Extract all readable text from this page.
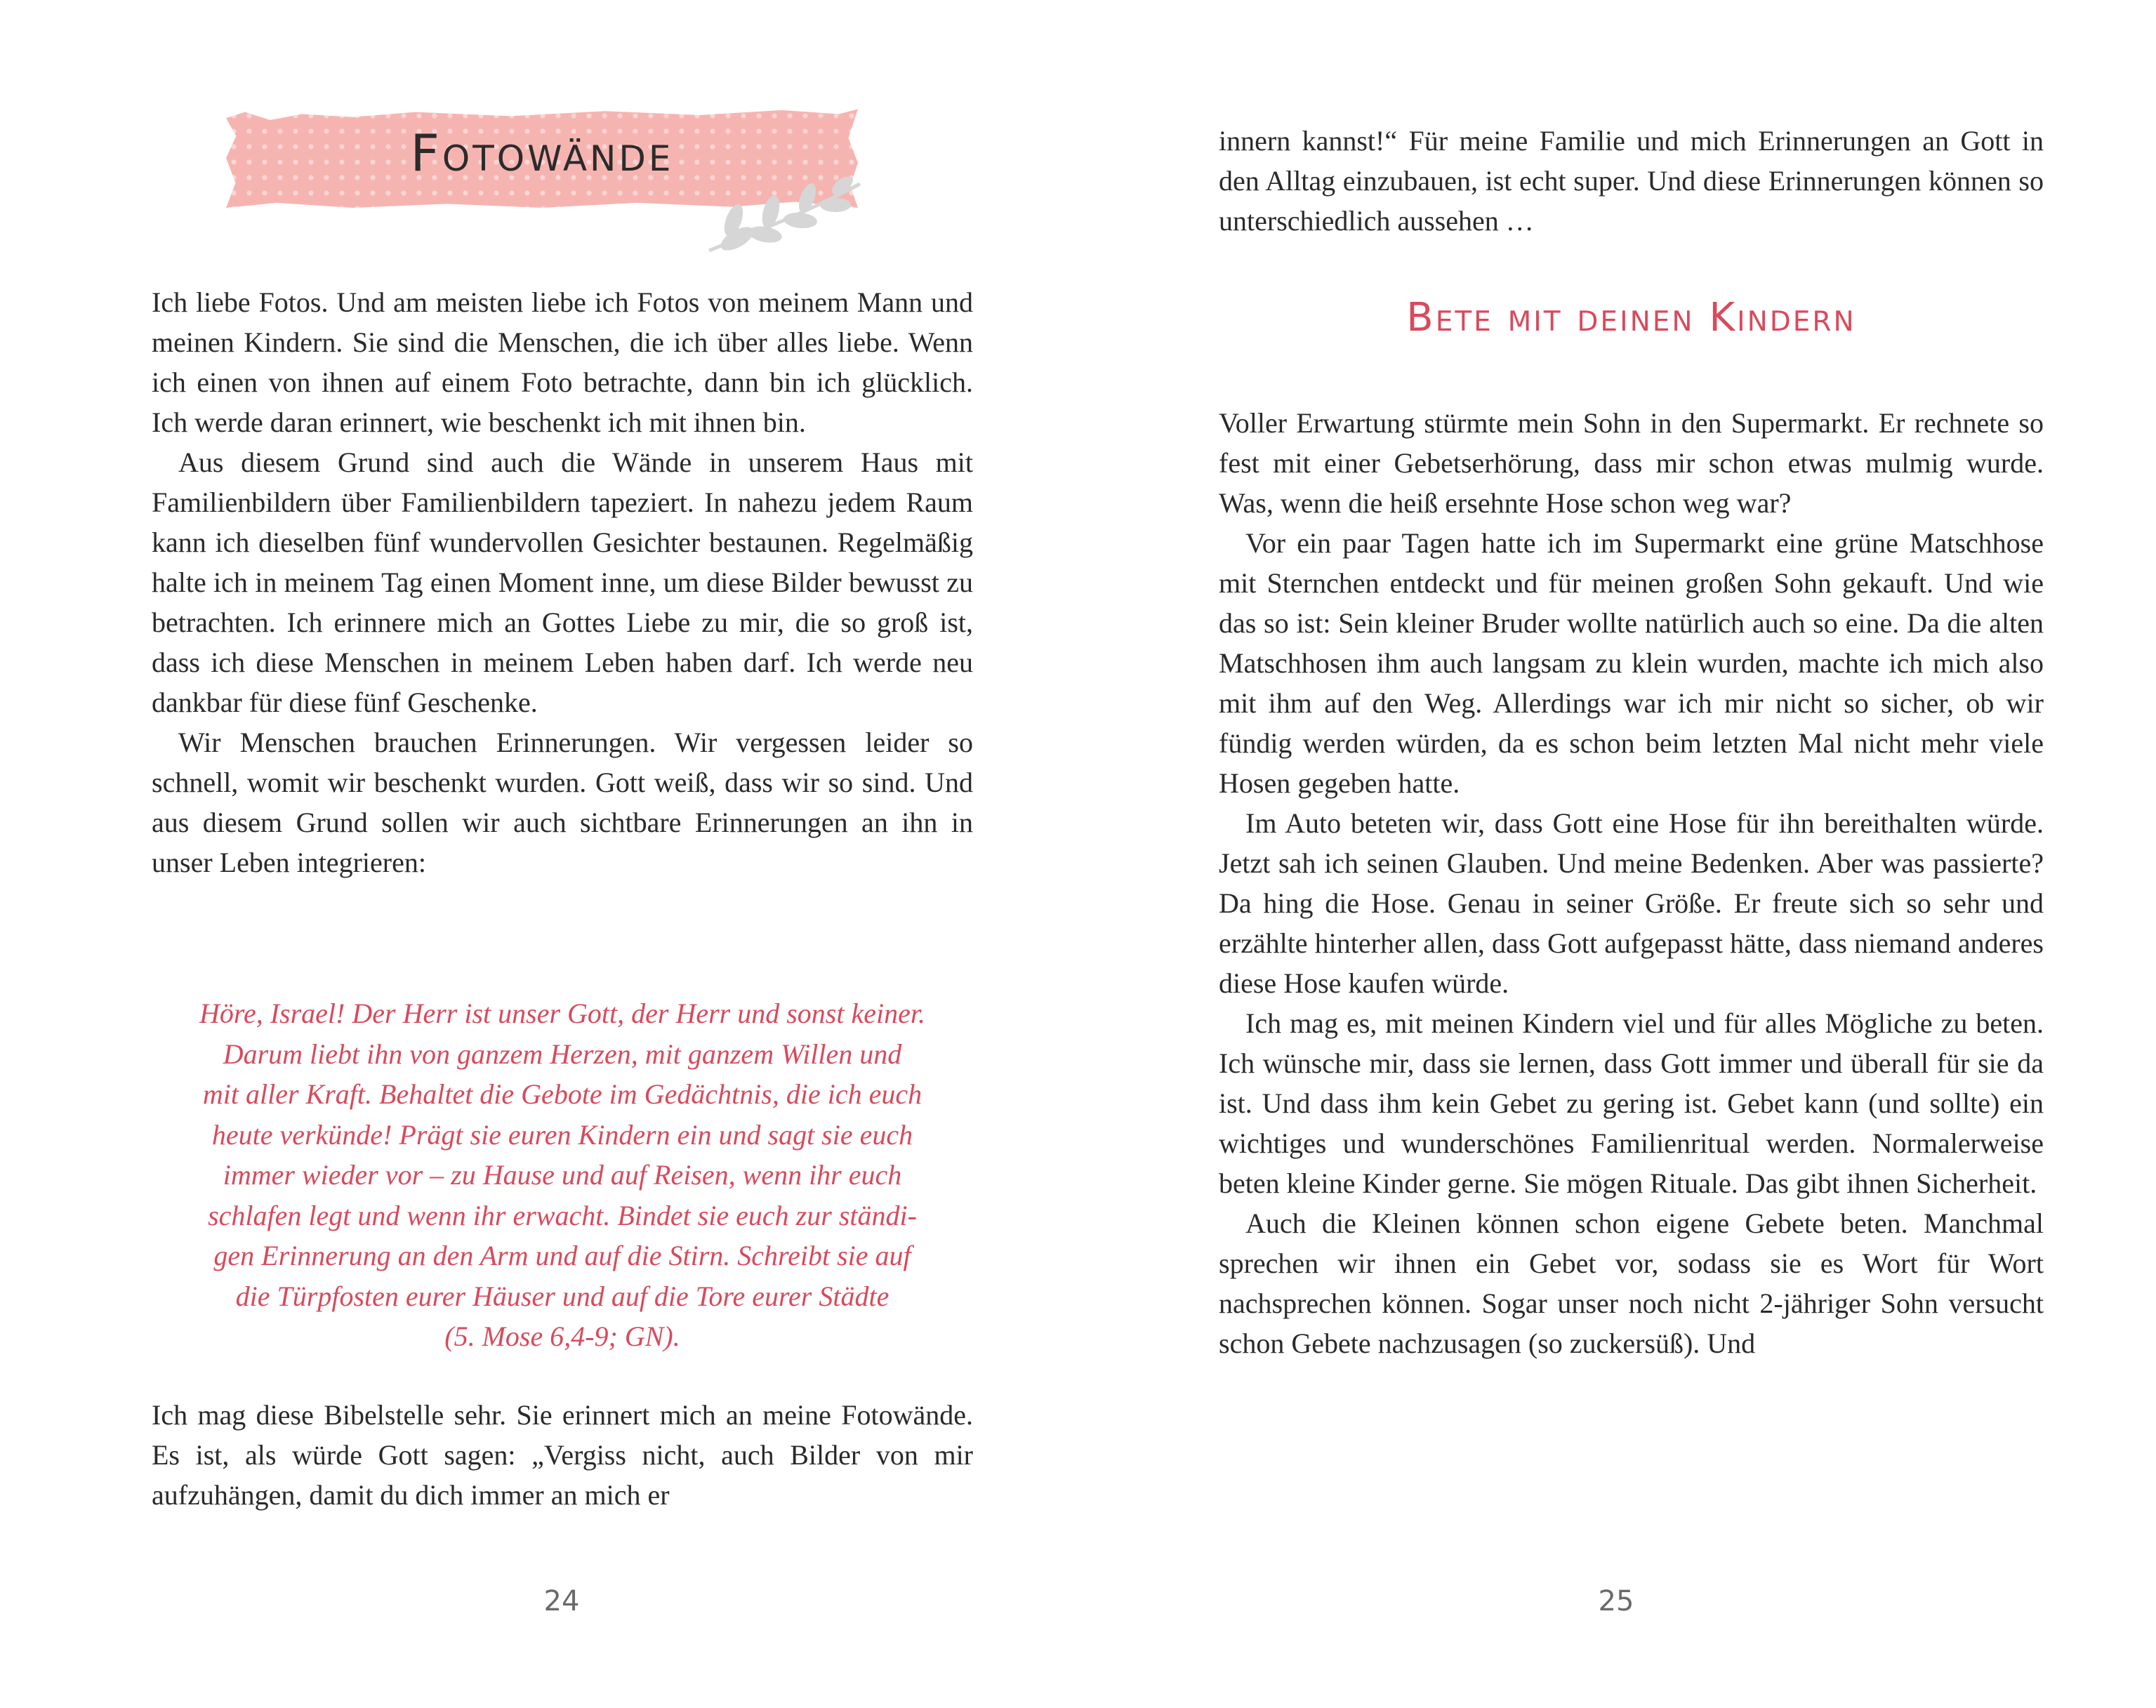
Fotowände

Ich liebe Fotos. Und am meisten liebe ich Fotos von meinem Mann und meinen Kindern. Sie sind die Menschen, die ich über alles liebe. Wenn ich einen von ihnen auf einem Foto betrachte, dann bin ich glücklich. Ich werde daran erinnert, wie beschenkt ich mit ihnen bin.

Aus diesem Grund sind auch die Wände in unserem Haus mit Familienbildern über Familienbildern tapeziert. In nahezu jedem Raum kann ich dieselben fünf wundervollen Gesichter bestaunen. Regelmäßig halte ich in meinem Tag einen Moment inne, um diese Bilder bewusst zu betrachten. Ich erinnere mich an Gottes Liebe zu mir, die so groß ist, dass ich diese Menschen in meinem Leben haben darf. Ich werde neu dankbar für diese fünf Geschenke.

Wir Menschen brauchen Erinnerungen. Wir vergessen leider so schnell, womit wir beschenkt wurden. Gott weiß, dass wir so sind. Und aus diesem Grund sollen wir auch sichtbare Erinnerungen an ihn in unser Leben integrieren:

Höre, Israel! Der Herr ist unser Gott, der Herr und sonst keiner.
Darum liebt ihn von ganzem Herzen, mit ganzem Willen und
mit aller Kraft. Behaltet die Gebote im Gedächtnis, die ich euch
heute verkünde! Prägt sie euren Kindern ein und sagt sie euch
immer wieder vor – zu Hause und auf Reisen, wenn ihr euch
schlafen legt und wenn ihr erwacht. Bindet sie euch zur ständi-
gen Erinnerung an den Arm und auf die Stirn. Schreibt sie auf
die Türpfosten eurer Häuser und auf die Tore eurer Städte
(5. Mose 6,4-9; GN).

Ich mag diese Bibelstelle sehr. Sie erinnert mich an meine Fotowände. Es ist, als würde Gott sagen: „Vergiss nicht, auch Bilder von mir aufzuhängen, damit du dich immer an mich er

24

innern kannst!“ Für meine Familie und mich Erinnerungen an Gott in den Alltag einzubauen, ist echt super. Und diese Erinnerungen können so unterschiedlich aussehen …

Bete mit deinen Kindern

Voller Erwartung stürmte mein Sohn in den Supermarkt. Er rechnete so fest mit einer Gebetserhörung, dass mir schon etwas mulmig wurde. Was, wenn die heiß ersehnte Hose schon weg war?

Vor ein paar Tagen hatte ich im Supermarkt eine grüne Matschhose mit Sternchen entdeckt und für meinen großen Sohn gekauft. Und wie das so ist: Sein kleiner Bruder wollte natürlich auch so eine. Da die alten Matschhosen ihm auch langsam zu klein wurden, machte ich mich also mit ihm auf den Weg. Allerdings war ich mir nicht so sicher, ob wir fündig werden würden, da es schon beim letzten Mal nicht mehr viele Hosen gegeben hatte.

Im Auto beteten wir, dass Gott eine Hose für ihn bereithalten würde. Jetzt sah ich seinen Glauben. Und meine Bedenken. Aber was passierte? Da hing die Hose. Genau in seiner Größe. Er freute sich so sehr und erzählte hinterher allen, dass Gott aufgepasst hätte, dass niemand anderes diese Hose kaufen würde.

Ich mag es, mit meinen Kindern viel und für alles Mögliche zu beten. Ich wünsche mir, dass sie lernen, dass Gott immer und überall für sie da ist. Und dass ihm kein Gebet zu gering ist. Gebet kann (und sollte) ein wichtiges und wunderschönes Familienritual werden. Normalerweise beten kleine Kinder gerne. Sie mögen Rituale. Das gibt ihnen Sicherheit.

Auch die Kleinen können schon eigene Gebete beten. Manchmal sprechen wir ihnen ein Gebet vor, sodass sie es Wort für Wort nachsprechen können. Sogar unser noch nicht 2-jähriger Sohn versucht schon Gebete nachzusagen (so zuckersüß). Und

25
